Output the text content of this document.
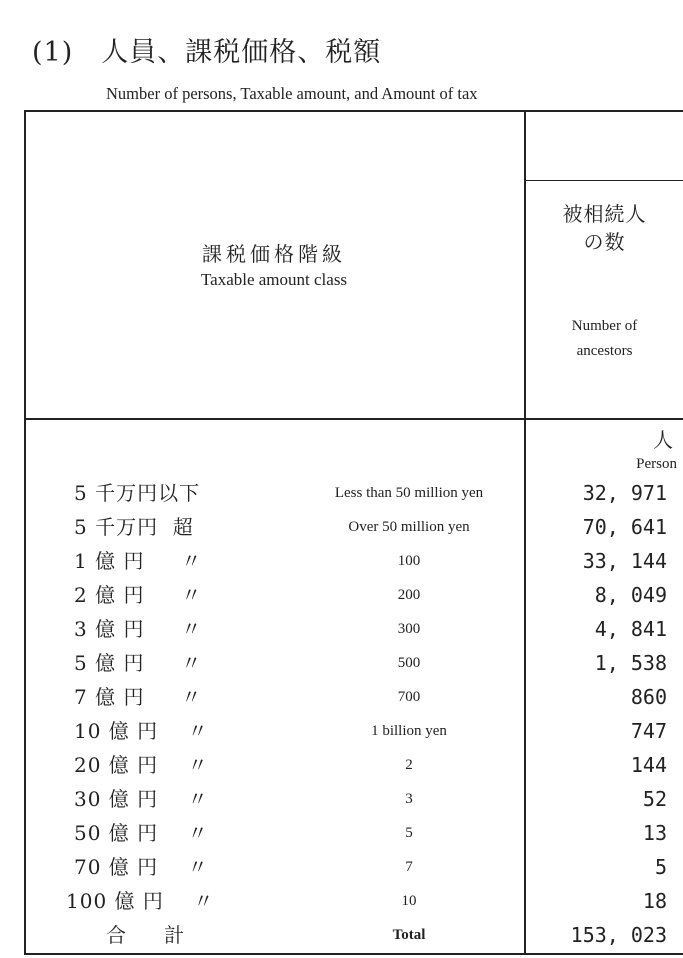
(1) 人員、課税価格、税額
Number of persons, Taxable amount, and Amount of tax
課税価格階級
Taxable amount class
被相続人
の数
Number of
ancestors
人
Person
5 千万円以下	Less than 50 million yen	32, 971
5 千万円  超	Over 50 million yen	70, 641
1 億 円     〃	100	33, 144
2 億 円     〃	200	8, 049
3 億 円     〃	300	4, 841
5 億 円     〃	500	1, 538
7 億 円     〃	700	860
10 億 円    〃	1 billion yen	747
20 億 円    〃	2	144
30 億 円    〃	3	52
50 億 円    〃	5	13
70 億 円    〃	7	5
100 億 円    〃	10	18
合      計	Total	153, 023
